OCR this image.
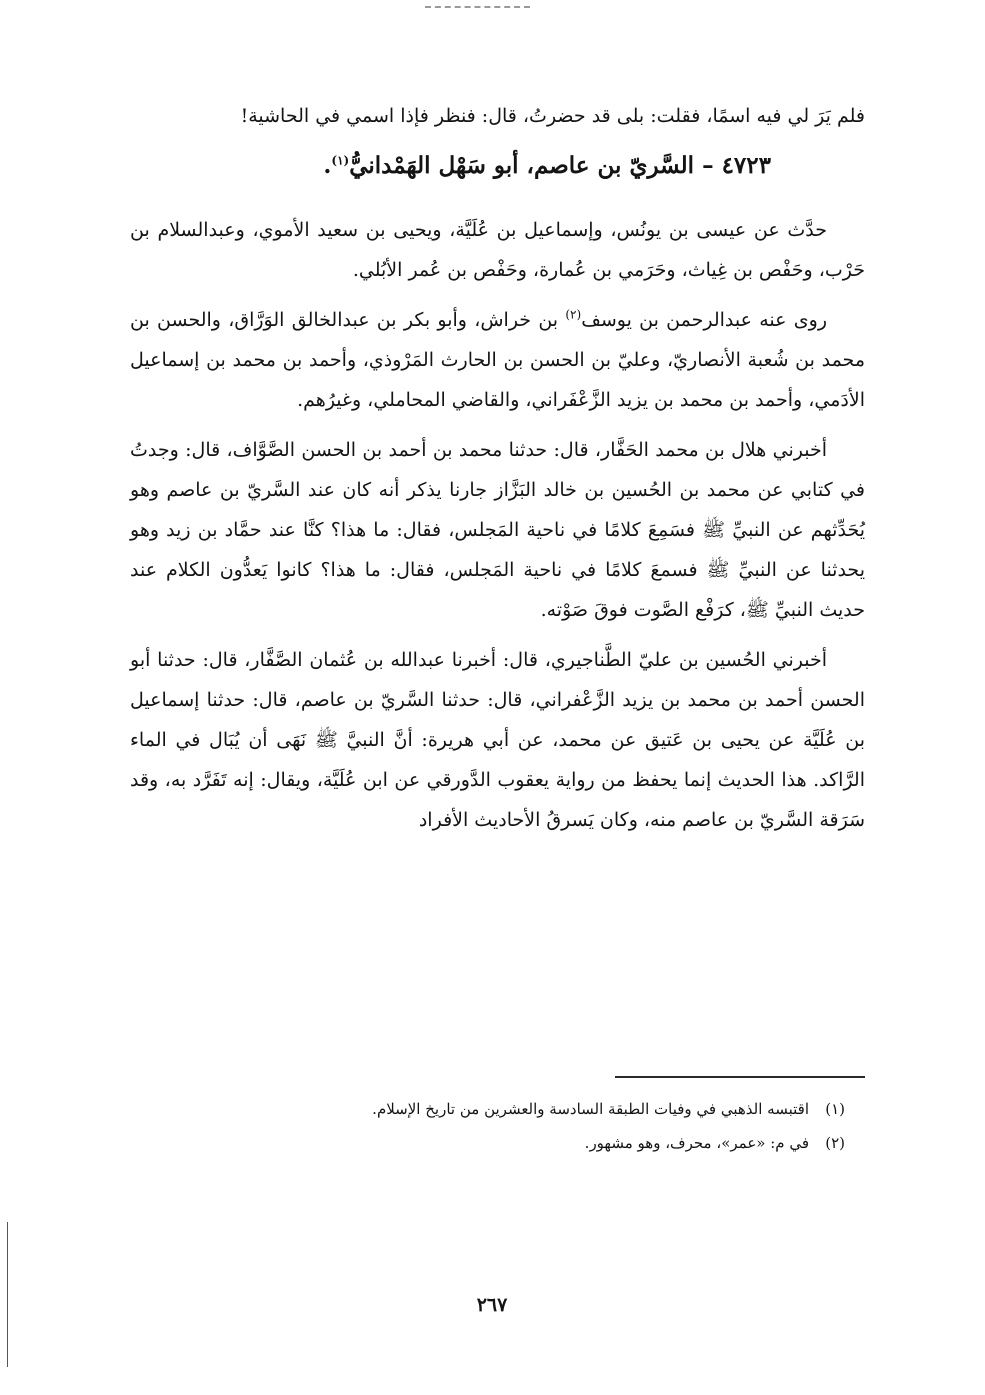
فلم يَرَ لي فيه اسمًا، فقلت: بلى قد حضرتُ، قال: فنظر فإذا اسمي في الحاشية!

٤٧٢٣ – السَّريّ بن عاصم، أبو سَهْل الهَمْدانيُّ$^{(١)}$.

حدَّث عن عيسى بن يونُس، وإسماعيل بن عُلَيَّة، ويحيى بن سعيد الأموي، وعبدالسلام بن حَرْب، وحَفْص بن غِياث، وحَرَمي بن عُمارة، وحَفْص بن عُمر الأبُلي.

روى عنه عبدالرحمن بن يوسف$^{(٢)}$ بن خراش، وأبو بكر بن عبدالخالق الوَرَّاق، والحسن بن محمد بن شُعبة الأنصاريّ، وعليّ بن الحسن بن الحارث المَرْوذي، وأحمد بن محمد بن إسماعيل الأدَمي، وأحمد بن محمد بن يزيد الزَّعْفَراني، والقاضي المحاملي، وغيرُهم.

أخبرني هلال بن محمد الحَفَّار، قال: حدثنا محمد بن أحمد بن الحسن الصَّوَّاف، قال: وجدتُ في كتابي عن محمد بن الحُسين بن خالد البَزَّاز جارنا يذكر أنه كان عند السَّريّ بن عاصم وهو يُحَدِّثهم عن النبيِّ ﷺ فسَمِعَ كلامًا في ناحية المَجلس، فقال: ما هذا؟ كنَّا عند حمَّاد بن زيد وهو يحدثنا عن النبيِّ ﷺ فسمعَ كلامًا في ناحية المَجلس، فقال: ما هذا؟ كانوا يَعدُّون الكلام عند حديث النبيِّ ﷺ، كرَفْع الصَّوت فوقَ صَوْته.

أخبرني الحُسين بن عليّ الطَّناجيري، قال: أخبرنا عبدالله بن عُثمان الصَّفَّار، قال: حدثنا أبو الحسن أحمد بن محمد بن يزيد الزَّعْفراني، قال: حدثنا السَّريّ بن عاصم، قال: حدثنا إسماعيل بن عُلَيَّة عن يحيى بن عَتيق عن محمد، عن أبي هريرة: أنَّ النبيَّ ﷺ نَهَى أن يُبَال في الماء الرَّاكد. هذا الحديث إنما يحفظ من رواية يعقوب الدَّورقي عن ابن عُلَيَّة، ويقال: إنه تَفَرَّد به، وقد سَرَقة السَّريّ بن عاصم منه، وكان يَسرقُ الأحاديث الأفراد

(١)اقتبسه الذهبي في وفيات الطبقة السادسة والعشرين من تاريخ الإسلام.
(٢)في م: «عمر»، محرف، وهو مشهور.
٢٦٧
